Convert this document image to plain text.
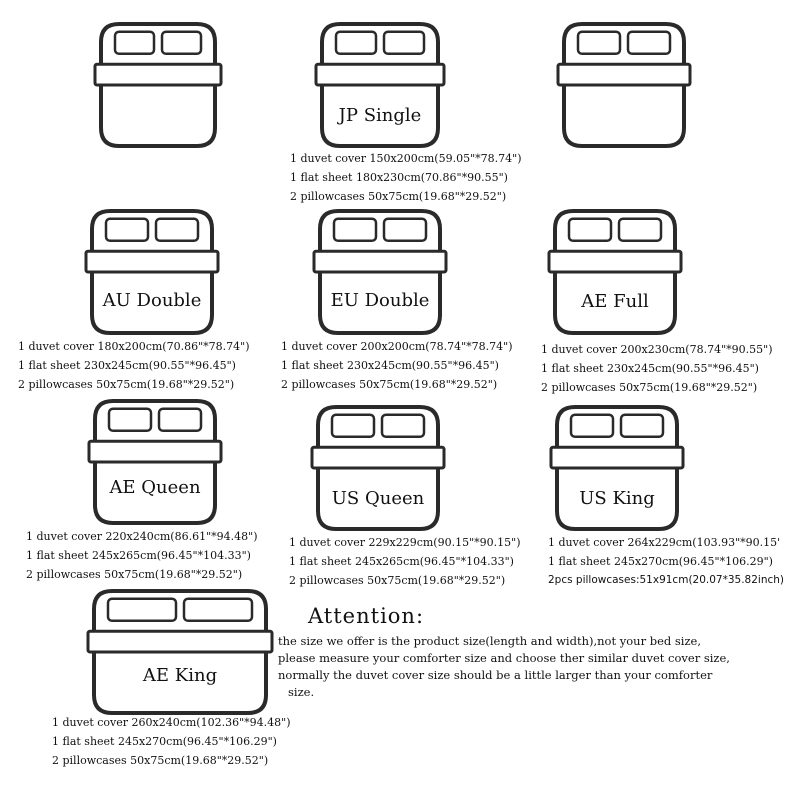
JP Single
1 duvet cover 150x200cm(59.05"*78.74")
1 flat sheet 180x230cm(70.86"*90.55")
2 pillowcases 50x75cm(19.68"*29.52")
AU Double
1 duvet cover 180x200cm(70.86"*78.74")
1 flat sheet 230x245cm(90.55"*96.45")
2 pillowcases 50x75cm(19.68"*29.52")
EU Double
1 duvet cover 200x200cm(78.74"*78.74")
1 flat sheet 230x245cm(90.55"*96.45")
2 pillowcases 50x75cm(19.68"*29.52")
AE Full
1 duvet cover 200x230cm(78.74"*90.55")
1 flat sheet 230x245cm(90.55"*96.45")
2 pillowcases 50x75cm(19.68"*29.52")
AE Queen
1 duvet cover 220x240cm(86.61"*94.48")
1 flat sheet 245x265cm(96.45"*104.33")
2 pillowcases 50x75cm(19.68"*29.52")
US Queen
1 duvet cover 229x229cm(90.15"*90.15")
1 flat sheet 245x265cm(96.45"*104.33")
2 pillowcases 50x75cm(19.68"*29.52")
US King
1 duvet cover 264x229cm(103.93"*90.15'
1 flat sheet 245x270cm(96.45"*106.29")
2pcs pillowcases:51x91cm(20.07*35.82inch)
AE King
1 duvet cover 260x240cm(102.36"*94.48")
1 flat sheet 245x270cm(96.45"*106.29")
2 pillowcases 50x75cm(19.68"*29.52")
Attention:
the size we offer is the product size(length and width),not your bed size,
please measure your comforter size and choose ther similar duvet cover size,
normally the duvet cover size should be a little larger than your comforter
size.
